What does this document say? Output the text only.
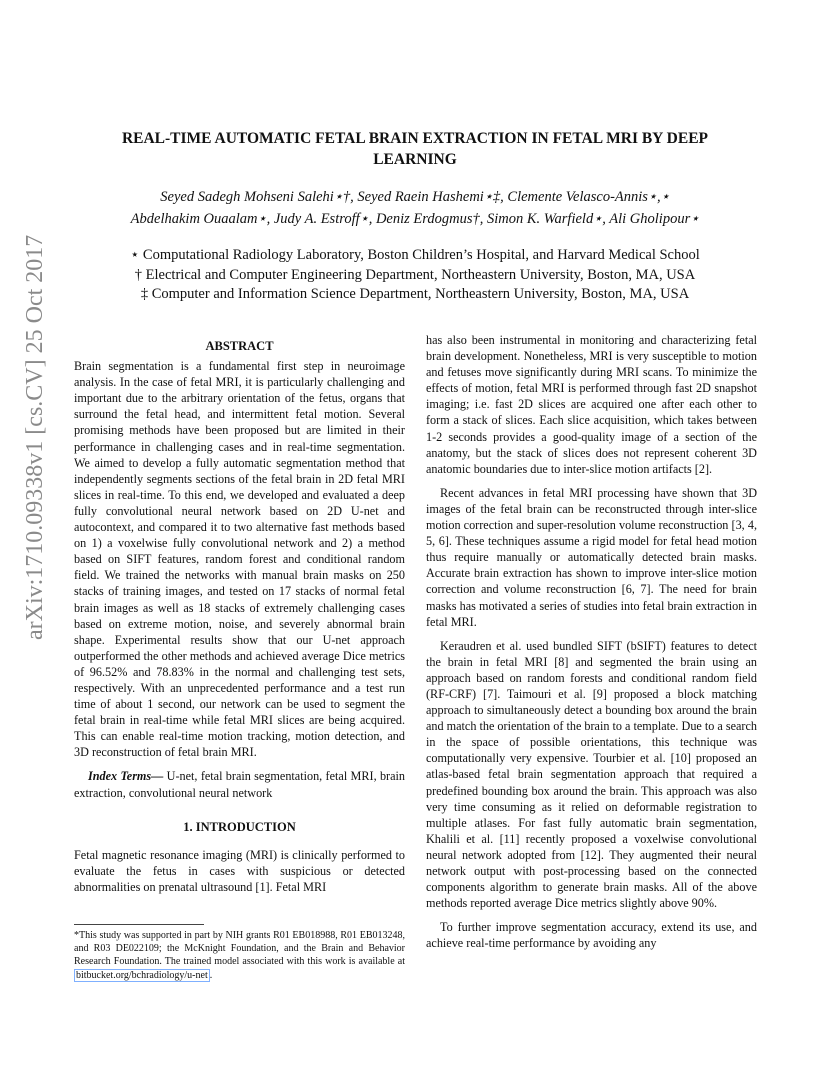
arXiv:1710.09338v1 [cs.CV] 25 Oct 2017
REAL-TIME AUTOMATIC FETAL BRAIN EXTRACTION IN FETAL MRI BY DEEP LEARNING
Seyed Sadegh Mohseni Salehi⋆†, Seyed Raein Hashemi⋆‡, Clemente Velasco-Annis⋆,⋆
Abdelhakim Ouaalam⋆, Judy A. Estroff⋆, Deniz Erdogmus†, Simon K. Warfield⋆, Ali Gholipour⋆
⋆ Computational Radiology Laboratory, Boston Children’s Hospital, and Harvard Medical School
† Electrical and Computer Engineering Department, Northeastern University, Boston, MA, USA
‡ Computer and Information Science Department, Northeastern University, Boston, MA, USA
ABSTRACT

Brain segmentation is a fundamental first step in neuroimage analysis. In the case of fetal MRI, it is particularly challenging and important due to the arbitrary orientation of the fetus, organs that surround the fetal head, and intermittent fetal motion. Several promising methods have been proposed but are limited in their performance in challenging cases and in real-time segmentation. We aimed to develop a fully automatic segmentation method that independently segments sections of the fetal brain in 2D fetal MRI slices in real-time. To this end, we developed and evaluated a deep fully convolutional neural network based on 2D U-net and autocontext, and compared it to two alternative fast methods based on 1) a voxelwise fully convolutional network and 2) a method based on SIFT features, random forest and conditional random field. We trained the networks with manual brain masks on 250 stacks of training images, and tested on 17 stacks of normal fetal brain images as well as 18 stacks of extremely challenging cases based on extreme motion, noise, and severely abnormal brain shape. Experimental results show that our U-net approach outperformed the other methods and achieved average Dice metrics of 96.52% and 78.83% in the normal and challenging test sets, respectively. With an unprecedented performance and a test run time of about 1 second, our network can be used to segment the fetal brain in real-time while fetal MRI slices are being acquired. This can enable real-time motion tracking, motion detection, and 3D reconstruction of fetal brain MRI.

Index Terms— U-net, fetal brain segmentation, fetal MRI, brain extraction, convolutional neural network

1. INTRODUCTION

Fetal magnetic resonance imaging (MRI) is clinically performed to evaluate the fetus in cases with suspicious or detected abnormalities on prenatal ultrasound [1]. Fetal MRI

*This study was supported in part by NIH grants R01 EB018988, R01 EB013248, and R03 DE022109; the McKnight Foundation, and the Brain and Behavior Research Foundation. The trained model associated with this work is available at bitbucket.org/bchradiology/u-net .

has also been instrumental in monitoring and characterizing fetal brain development. Nonetheless, MRI is very susceptible to motion and fetuses move significantly during MRI scans. To minimize the effects of motion, fetal MRI is performed through fast 2D snapshot imaging; i.e. fast 2D slices are acquired one after each other to form a stack of slices. Each slice acquisition, which takes between 1-2 seconds provides a good-quality image of a section of the anatomy, but the stack of slices does not represent coherent 3D anatomic boundaries due to inter-slice motion artifacts [2].

Recent advances in fetal MRI processing have shown that 3D images of the fetal brain can be reconstructed through inter-slice motion correction and super-resolution volume reconstruction [3, 4, 5, 6]. These techniques assume a rigid model for fetal head motion thus require manually or automatically detected brain masks. Accurate brain extraction has shown to improve inter-slice motion correction and volume reconstruction [6, 7]. The need for brain masks has motivated a series of studies into fetal brain extraction in fetal MRI.

Keraudren et al. used bundled SIFT (bSIFT) features to detect the brain in fetal MRI [8] and segmented the brain using an approach based on random forests and conditional random field (RF-CRF) [7]. Taimouri et al. [9] proposed a block matching approach to simultaneously detect a bounding box around the brain and match the orientation of the brain to a template. Due to a search in the space of possible orientations, this technique was computationally very expensive. Tourbier et al. [10] proposed an atlas-based fetal brain segmentation approach that required a predefined bounding box around the brain. This approach was also very time consuming as it relied on deformable registration to multiple atlases. For fast fully automatic brain segmentation, Khalili et al. [11] recently proposed a voxelwise convolutional neural network adopted from [12]. They augmented their neural network output with post-processing based on the connected components algorithm to generate brain masks. All of the above methods reported average Dice metrics slightly above 90%.

To further improve segmentation accuracy, extend its use, and achieve real-time performance by avoiding any
